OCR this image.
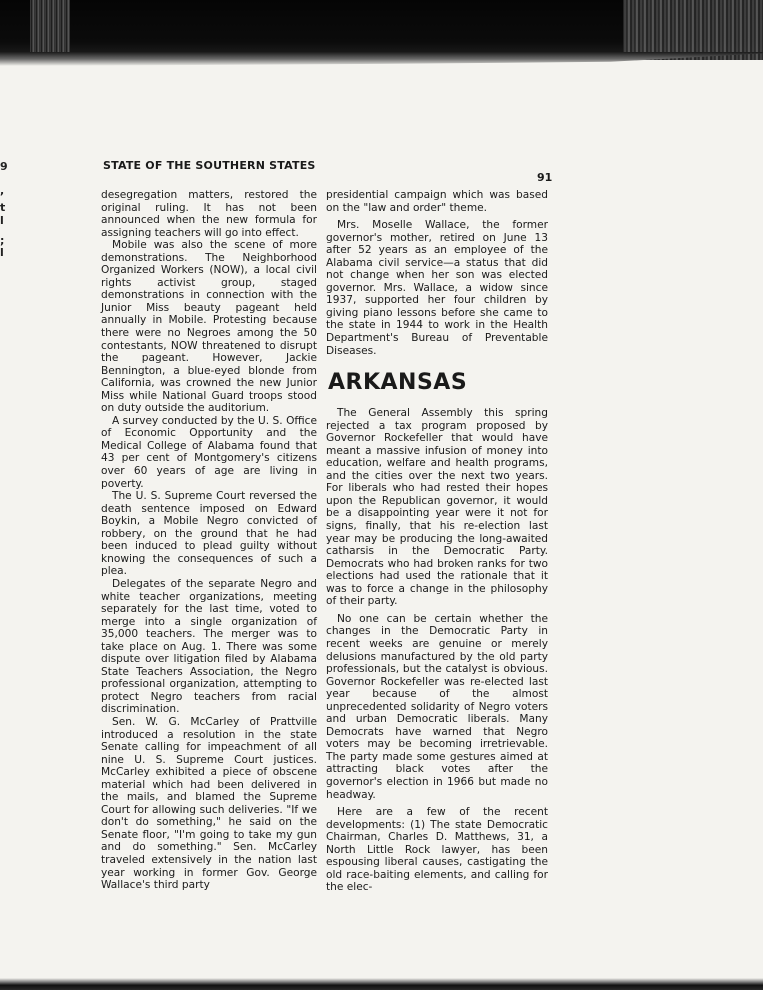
9
,
t
l
;
l
STATE OF THE SOUTHERN STATES
91

desegregation matters, restored the original ruling. It has not been announced when the new formula for assigning teachers will go into effect.

Mobile was also the scene of more demonstrations. The Neighborhood Organized Workers (NOW), a local civil rights activist group, staged demonstrations in connection with the Junior Miss beauty pageant held annually in Mobile. Protesting because there were no Negroes among the 50 contestants, NOW threatened to disrupt the pageant. However, Jackie Bennington, a blue-eyed blonde from California, was crowned the new Junior Miss while National Guard troops stood on duty outside the auditorium.

A survey conducted by the U. S. Office of Economic Opportunity and the Medical College of Alabama found that 43 per cent of Montgomery's citizens over 60 years of age are living in poverty.

The U. S. Supreme Court reversed the death sentence imposed on Edward Boykin, a Mobile Negro convicted of robbery, on the ground that he had been induced to plead guilty without knowing the consequences of such a plea.

Delegates of the separate Negro and white teacher organizations, meeting separately for the last time, voted to merge into a single organization of 35,000 teachers. The merger was to take place on Aug. 1. There was some dispute over litigation filed by Alabama State Teachers Association, the Negro professional organization, attempting to protect Negro teachers from racial discrimination.

Sen. W. G. McCarley of Prattville introduced a resolution in the state Senate calling for impeachment of all nine U. S. Supreme Court justices. McCarley exhibited a piece of obscene material which had been delivered in the mails, and blamed the Supreme Court for allowing such deliveries. "If we don't do something," he said on the Senate floor, "I'm going to take my gun and do something." Sen. McCarley traveled extensively in the nation last year working in former Gov. George Wallace's third party

presidential campaign which was based on the "law and order" theme.

Mrs. Moselle Wallace, the former governor's mother, retired on June 13 after 52 years as an employee of the Alabama civil service—a status that did not change when her son was elected governor. Mrs. Wallace, a widow since 1937, supported her four children by giving piano lessons before she came to the state in 1944 to work in the Health Department's Bureau of Preventable Diseases.

ARKANSAS

The General Assembly this spring rejected a tax program proposed by Governor Rockefeller that would have meant a massive infusion of money into education, welfare and health programs, and the cities over the next two years. For liberals who had rested their hopes upon the Republican governor, it would be a disappointing year were it not for signs, finally, that his re-election last year may be producing the long-awaited catharsis in the Democratic Party. Democrats who had broken ranks for two elections had used the rationale that it was to force a change in the philosophy of their party.

No one can be certain whether the changes in the Democratic Party in recent weeks are genuine or merely delusions manufactured by the old party professionals, but the catalyst is obvious. Governor Rockefeller was re-elected last year because of the almost unprecedented solidarity of Negro voters and urban Democratic liberals. Many Democrats have warned that Negro voters may be becoming irretrievable. The party made some gestures aimed at attracting black votes after the governor's election in 1966 but made no headway.

Here are a few of the recent developments: (1) The state Democratic Chairman, Charles D. Matthews, 31, a North Little Rock lawyer, has been espousing liberal causes, castigating the old race-baiting elements, and calling for the elec-
